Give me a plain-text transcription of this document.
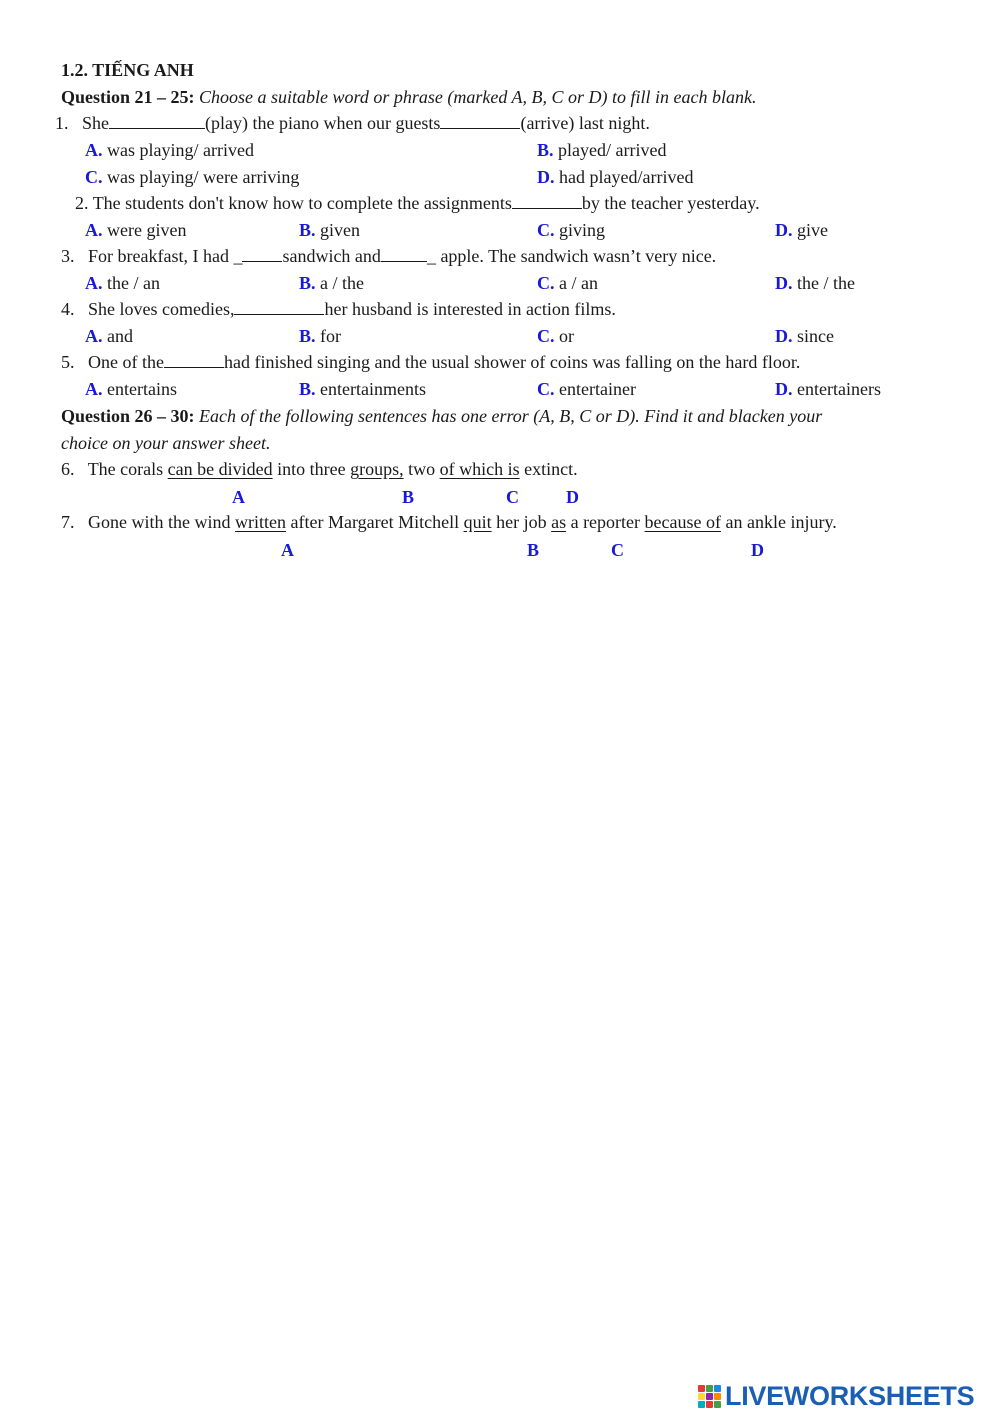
1.2. TIẾNG ANH
Question 21 – 25: Choose a suitable word or phrase (marked A, B, C or D) to fill in each blank.
1. She	(play) the piano when our guests	(arrive) last night.
A. was playing/ arrived	B. played/ arrived
C. was playing/ were arriving	D. had played/arrived
2. The students don't know how to complete the assignments	by the teacher yesterday.
A. were given	B. given	C. giving	D. give
3. For breakfast, I had _ sandwich and	_ apple. The sandwich wasn’t very nice.
A. the / an	B. a / the	C. a / an	D. the / the
4. She loves comedies,	her husband is interested in action films.
A. and	B. for	C. or	D. since
5. One of the	had finished singing and the usual shower of coins was falling on the hard floor.
A. entertains	B. entertainments	C. entertainer	D. entertainers
Question 26 – 30: Each of the following sentences has one error (A, B, C or D). Find it and blacken your
choice on your answer sheet.
6. The corals can be divided into three groups, two of which is extinct.
A	B	C	D
7. Gone with the wind written after Margaret Mitchell quit her job as a reporter because of an ankle injury.
A	B	C	D
LIVEWORKSHEETS
